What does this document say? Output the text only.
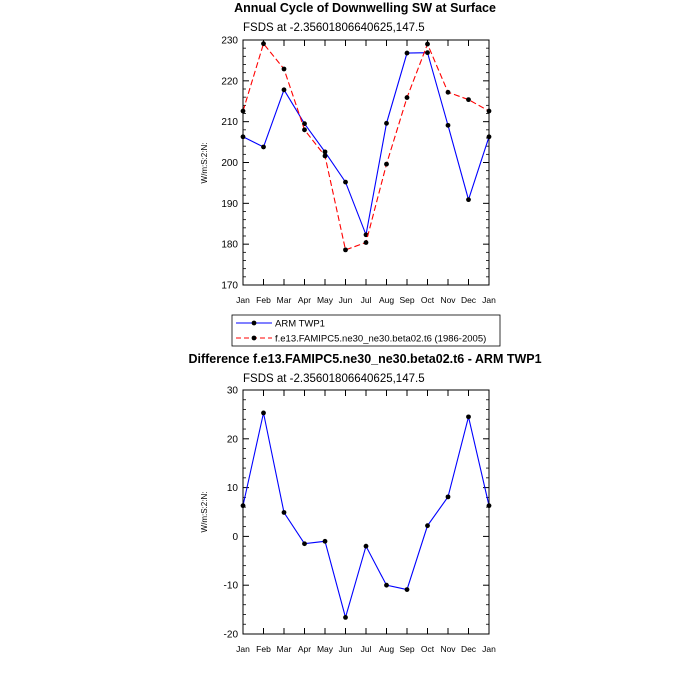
Annual Cycle of Downwelling SW at Surface
FSDS at -2.35601806640625,147.5
W/m:S:2:N:
170
180
190
200
210
220
230
Jan Feb Mar Apr May Jun Jul Aug Sep Oct Nov Dec Jan
ARM TWP1
f.e13.FAMIPC5.ne30_ne30.beta02.t6 (1986-2005)
Difference f.e13.FAMIPC5.ne30_ne30.beta02.t6 - ARM TWP1
FSDS at -2.35601806640625,147.5
W/m:S:2:N:
-20
-10
0
10
20
30
Jan Feb Mar Apr May Jun Jul Aug Sep Oct Nov Dec Jan
